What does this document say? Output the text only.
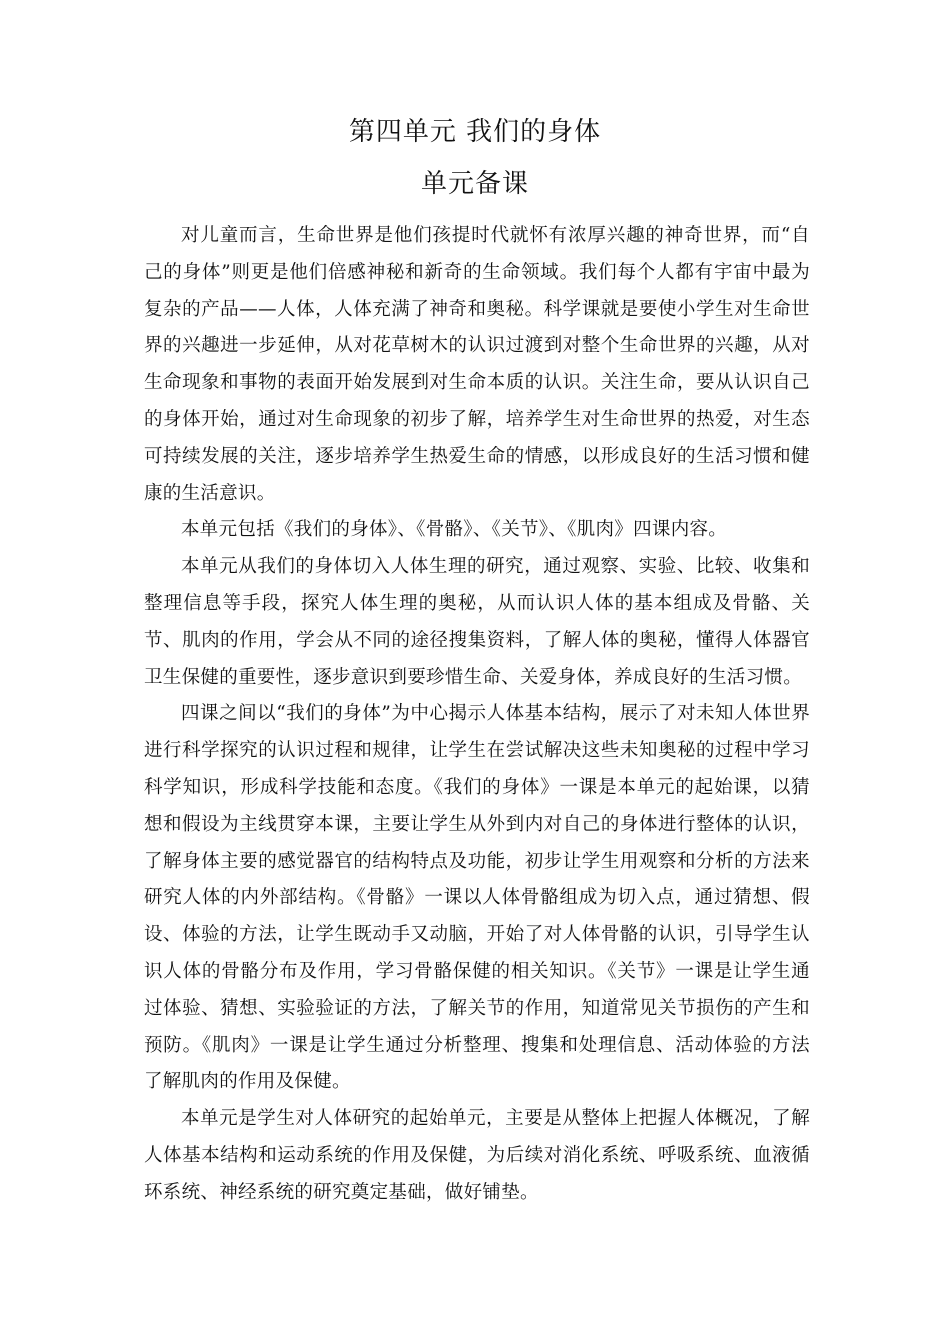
第四单元 我们的身体
单元备课

对儿童而言，生命世界是他们孩提时代就怀有浓厚兴趣的神奇世界，而“自己的身体”则更是他们倍感神秘和新奇的生命领域。我们每个人都有宇宙中最为复杂的产品——人体，人体充满了神奇和奥秘。科学课就是要使小学生对生命世界的兴趣进一步延伸，从对花草树木的认识过渡到对整个生命世界的兴趣，从对生命现象和事物的表面开始发展到对生命本质的认识。关注生命，要从认识自己的身体开始，通过对生命现象的初步了解，培养学生对生命世界的热爱，对生态可持续发展的关注，逐步培养学生热爱生命的情感，以形成良好的生活习惯和健康的生活意识。

本单元包括《我们的身体》、《骨骼》、《关节》、《肌肉》四课内容。

本单元从我们的身体切入人体生理的研究，通过观察、实验、比较、收集和整理信息等手段，探究人体生理的奥秘，从而认识人体的基本组成及骨骼、关节、肌肉的作用，学会从不同的途径搜集资料，了解人体的奥秘，懂得人体器官卫生保健的重要性，逐步意识到要珍惜生命、关爱身体，养成良好的生活习惯。

四课之间以“我们的身体”为中心揭示人体基本结构，展示了对未知人体世界进行科学探究的认识过程和规律，让学生在尝试解决这些未知奥秘的过程中学习科学知识，形成科学技能和态度。《我们的身体》一课是本单元的起始课，以猜想和假设为主线贯穿本课，主要让学生从外到内对自己的身体进行整体的认识，了解身体主要的感觉器官的结构特点及功能，初步让学生用观察和分析的方法来研究人体的内外部结构。《骨骼》一课以人体骨骼组成为切入点，通过猜想、假设、体验的方法，让学生既动手又动脑，开始了对人体骨骼的认识，引导学生认识人体的骨骼分布及作用，学习骨骼保健的相关知识。《关节》一课是让学生通过体验、猜想、实验验证的方法，了解关节的作用，知道常见关节损伤的产生和预防。《肌肉》一课是让学生通过分析整理、搜集和处理信息、活动体验的方法了解肌肉的作用及保健。

本单元是学生对人体研究的起始单元，主要是从整体上把握人体概况，了解人体基本结构和运动系统的作用及保健，为后续对消化系统、呼吸系统、血液循环系统、神经系统的研究奠定基础，做好铺垫。
